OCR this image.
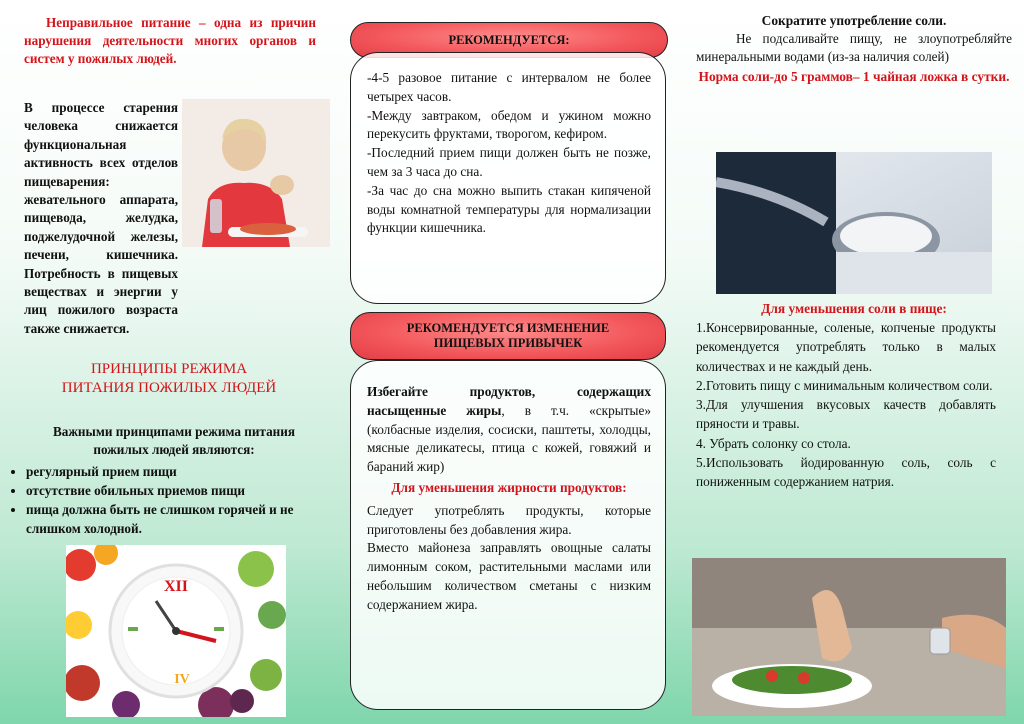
Неправильное питание – одна из причин нарушения деятельности многих органов и систем у пожилых людей.

В процессе старения человека снижается функциональная активность всех отделов пищеварения: жевательного аппарата, пищевода, желудка, поджелудочной железы, печени, кишечника. Потребность в пищевых веществах и энергии у лиц пожилого возраста также снижается.

ПРИНЦИПЫ РЕЖИМА

ПИТАНИЯ ПОЖИЛЫХ ЛЮДЕЙ

Важными принципами режима питания пожилых людей являются:

• регулярный прием пищи
• отсутствие обильных приемов пищи
• пища должна быть не слишком горячей и не слишком холодной.
XII
IV
РЕКОМЕНДУЕТСЯ:

-4-5 разовое питание с интервалом не более четырех часов.

-Между завтраком, обедом и ужином можно перекусить фруктами, творогом, кефиром.

-Последний прием пищи должен быть не позже, чем за 3 часа до сна.

-За час до сна можно выпить стакан кипяченой воды комнатной температуры для нормализации функции кишечника.

РЕКОМЕНДУЕТСЯ ИЗМЕНЕНИЕ ПИЩЕВЫХ ПРИВЫЧЕК

Избегайте продуктов, содержащих насыщенные жиры, в т.ч. «скрытые» (колбасные изделия, сосиски, паштеты, холодцы, мясные деликатесы, птица с кожей, говяжий и бараний жир)

Для уменьшения жирности продуктов:

Следует употреблять продукты, которые приготовлены без добавления жира.

Вместо майонеза заправлять овощные салаты лимонным соком, растительными маслами или небольшим количеством сметаны с низким содержанием жира.

Сократите употребление соли.

Не подсаливайте пищу, не злоупотребляйте минеральными водами (из-за наличия солей)

Норма соли-до 5 граммов– 1 чайная ложка в сутки.

Для уменьшения соли в пище:

1.Консервированные, соленые, копченые продукты рекомендуется употреблять только в малых количествах и не каждый день.

2.Готовить пищу с минимальным количеством соли.

3.Для улучшения вкусовых качеств добавлять пряности и травы.

4. Убрать солонку со стола.

5.Использовать йодированную соль, соль с пониженным содержанием натрия.
